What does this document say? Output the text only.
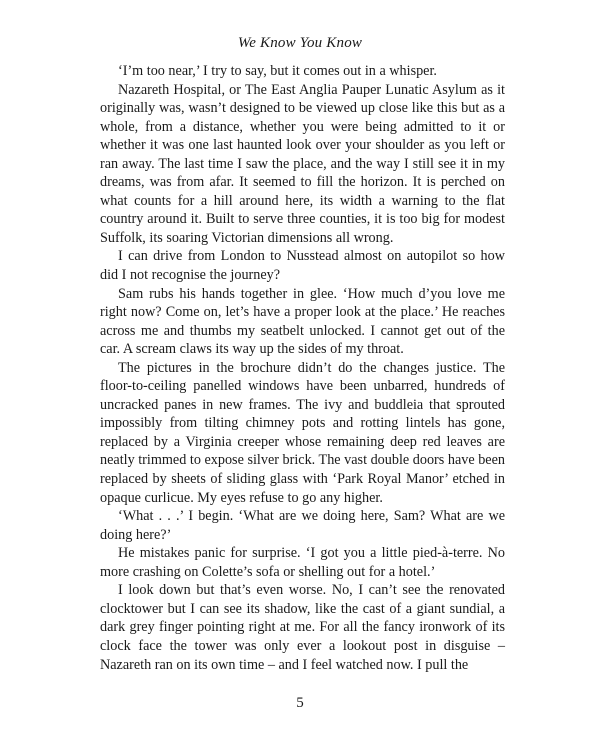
We Know You Know

‘I’m too near,’ I try to say, but it comes out in a whisper.

Nazareth Hospital, or The East Anglia Pauper Lunatic Asylum as it originally was, wasn’t designed to be viewed up close like this but as a whole, from a distance, whether you were being admitted to it or whether it was one last haunted look over your shoulder as you left or ran away. The last time I saw the place, and the way I still see it in my dreams, was from afar. It seemed to fill the horizon. It is perched on what counts for a hill around here, its width a warning to the flat country around it. Built to serve three counties, it is too big for modest Suffolk, its soaring Victorian dimensions all wrong.

I can drive from London to Nusstead almost on autopilot so how did I not recognise the journey?

Sam rubs his hands together in glee. ‘How much d’you love me right now? Come on, let’s have a proper look at the place.’ He reaches across me and thumbs my seatbelt unlocked. I cannot get out of the car. A scream claws its way up the sides of my throat.

The pictures in the brochure didn’t do the changes justice. The floor-to-ceiling panelled windows have been unbarred, hundreds of uncracked panes in new frames. The ivy and buddleia that sprouted impossibly from tilting chimney pots and rotting lintels has gone, replaced by a Virginia creeper whose remaining deep red leaves are neatly trimmed to expose silver brick. The vast double doors have been replaced by sheets of sliding glass with ‘Park Royal Manor’ etched in opaque curlicue. My eyes refuse to go any higher.

‘What . . .’ I begin. ‘What are we doing here, Sam? What are we doing here?’

He mistakes panic for surprise. ‘I got you a little pied-à-terre. No more crashing on Colette’s sofa or shelling out for a hotel.’

I look down but that’s even worse. No, I can’t see the renovated clocktower but I can see its shadow, like the cast of a giant sundial, a dark grey finger pointing right at me. For all the fancy ironwork of its clock face the tower was only ever a lookout post in disguise – Nazareth ran on its own time – and I feel watched now. I pull the

5
